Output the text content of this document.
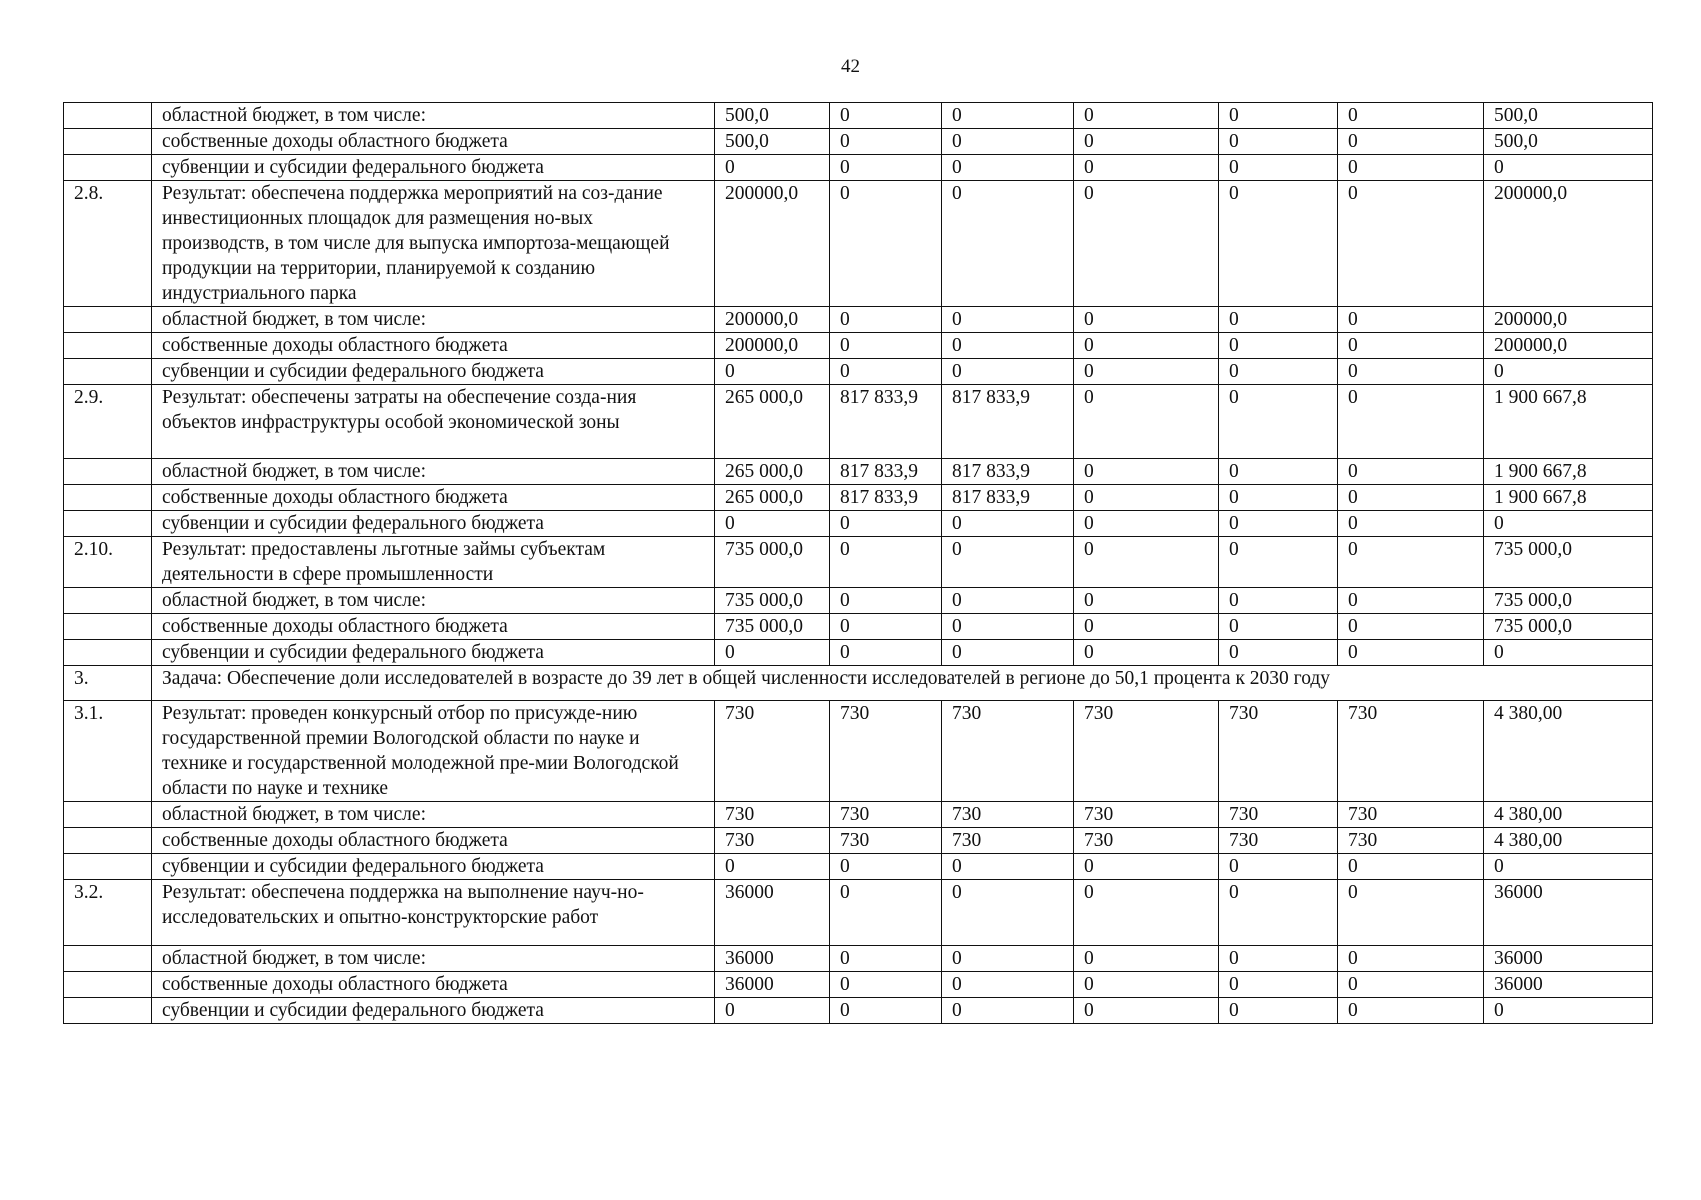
42
	областной бюджет, в том числе:	500,0	0	0	0	0	0	500,0
	собственные доходы областного бюджета	500,0	0	0	0	0	0	500,0
	субвенции и субсидии федерального бюджета	0	0	0	0	0	0	0
2.8.	Результат: обеспечена поддержка мероприятий на соз-дание инвестиционных площадок для размещения но-вых производств, в том числе для выпуска импортоза-мещающей продукции на территории, планируемой к созданию индустриального парка	200000,0	0	0	0	0	0	200000,0
	областной бюджет, в том числе:	200000,0	0	0	0	0	0	200000,0
	собственные доходы областного бюджета	200000,0	0	0	0	0	0	200000,0
	субвенции и субсидии федерального бюджета	0	0	0	0	0	0	0
2.9.	Результат: обеспечены затраты на обеспечение созда-ния объектов инфраструктуры особой экономической зоны	265 000,0	817 833,9	817 833,9	0	0	0	1 900 667,8
	областной бюджет, в том числе:	265 000,0	817 833,9	817 833,9	0	0	0	1 900 667,8
	собственные доходы областного бюджета	265 000,0	817 833,9	817 833,9	0	0	0	1 900 667,8
	субвенции и субсидии федерального бюджета	0	0	0	0	0	0	0
2.10.	Результат: предоставлены льготные займы субъектам деятельности в сфере промышленности	735 000,0	0	0	0	0	0	735 000,0
	областной бюджет, в том числе:	735 000,0	0	0	0	0	0	735 000,0
	собственные доходы областного бюджета	735 000,0	0	0	0	0	0	735 000,0
	субвенции и субсидии федерального бюджета	0	0	0	0	0	0	0
3.	Задача: Обеспечение доли исследователей в возрасте до 39 лет в общей численности исследователей в регионе до 50,1 процента к 2030 году							
3.1.	Результат: проведен конкурсный отбор по присужде-нию государственной премии Вологодской области по науке и технике и государственной молодежной пре-мии Вологодской области по науке и технике	730	730	730	730	730	730	4 380,00
	областной бюджет, в том числе:	730	730	730	730	730	730	4 380,00
	собственные доходы областного бюджета	730	730	730	730	730	730	4 380,00
	субвенции и субсидии федерального бюджета	0	0	0	0	0	0	0
3.2.	Результат: обеспечена поддержка на выполнение науч-но-исследовательских и опытно-конструкторские работ	36000	0	0	0	0	0	36000
	областной бюджет, в том числе:	36000	0	0	0	0	0	36000
	собственные доходы областного бюджета	36000	0	0	0	0	0	36000
	субвенции и субсидии федерального бюджета	0	0	0	0	0	0	0
